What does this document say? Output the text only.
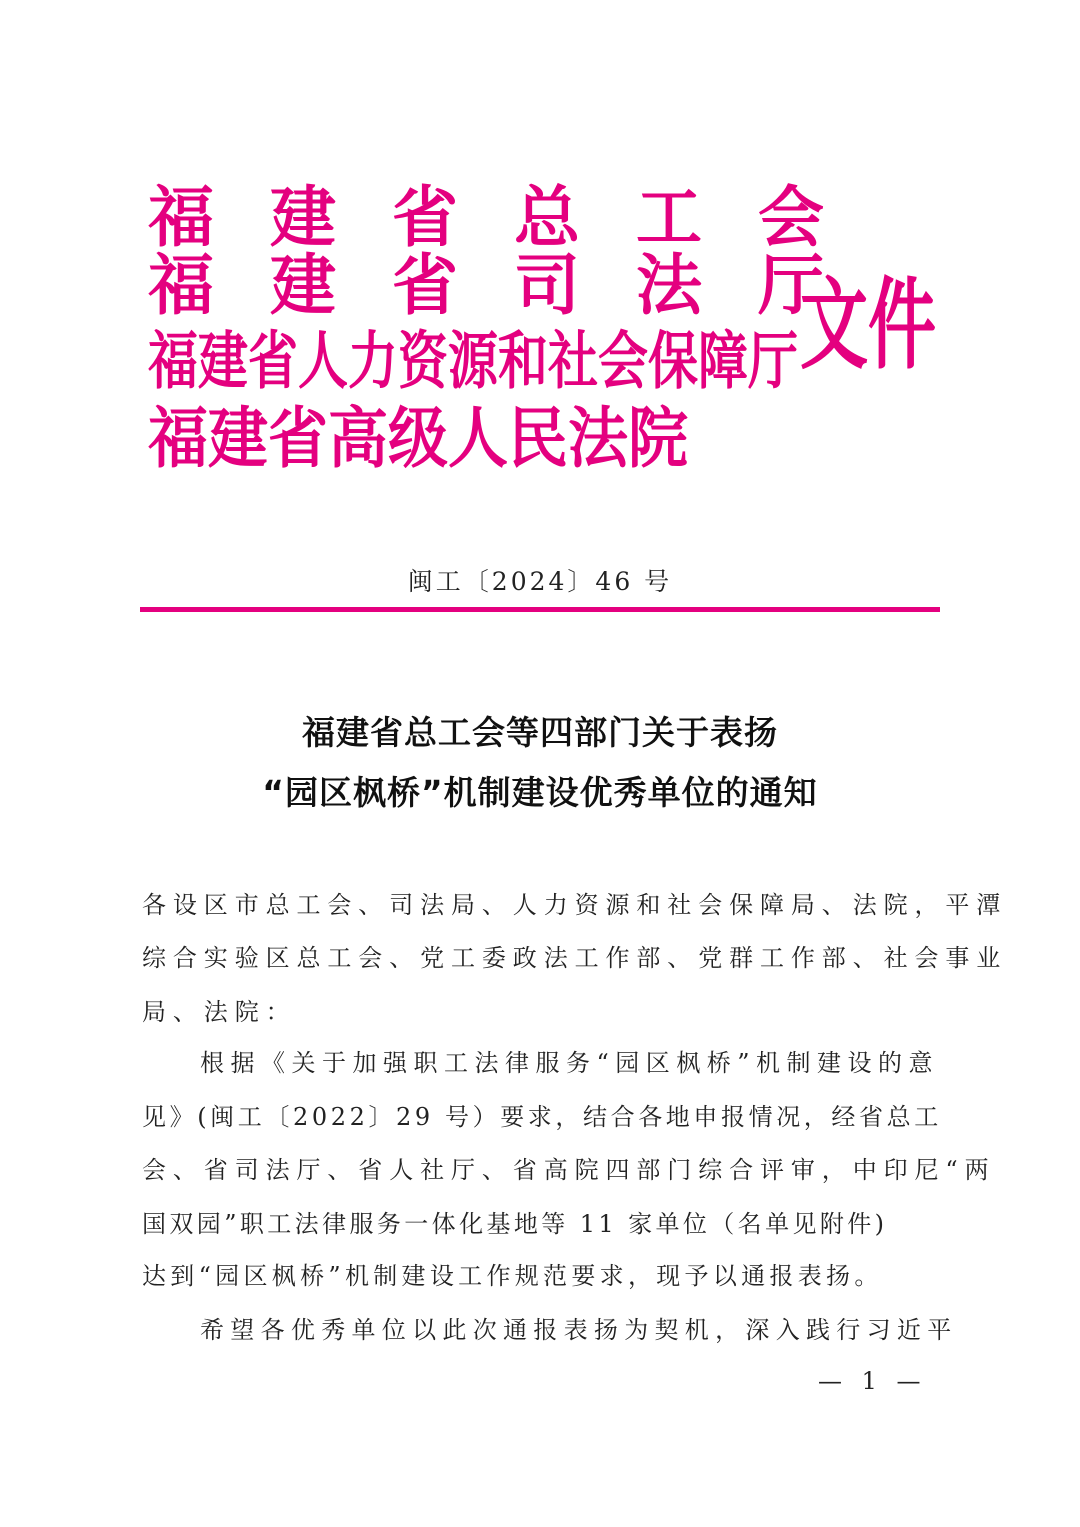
福建省总工会
福建省司法厅
福建省人力资源和社会保障厅
福建省高级人民法院
文件
闽工〔2024〕46 号
福建省总工会等四部门关于表扬
“园区枫桥”机制建设优秀单位的通知
各设区市总工会、司法局、人力资源和社会保障局、法院，平潭
综合实验区总工会、党工委政法工作部、党群工作部、社会事业
局、法院：
根据《关于加强职工法律服务“园区枫桥”机制建设的意
见》(闽工〔2022〕29 号）要求，结合各地申报情况，经省总工
会、省司法厅、省人社厅、省高院四部门综合评审，中印尼“两
国双园”职工法律服务一体化基地等 11 家单位（名单见附件)
达到“园区枫桥”机制建设工作规范要求，现予以通报表扬。
希望各优秀单位以此次通报表扬为契机，深入践行习近平
— 1 —
